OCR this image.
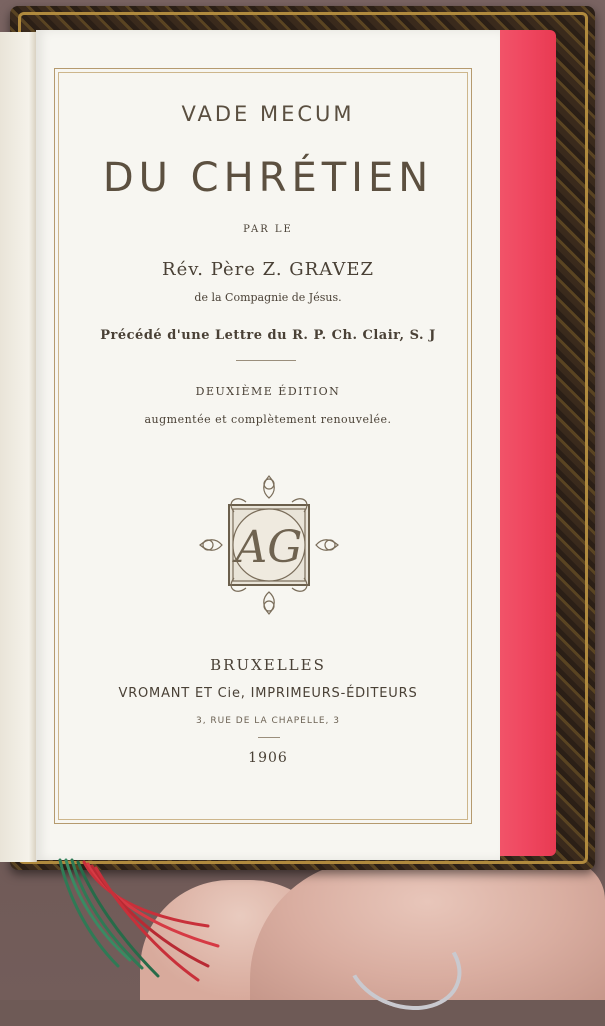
VADE MECUM
DU CHRÉTIEN
PAR LE
Rév. Père Z. GRAVEZ
de la Compagnie de Jésus.
Précédé d'une Lettre du R. P. Ch. Clair, S. J
DEUXIÈME ÉDITION
augmentée et complètement renouvelée.
AG
BRUXELLES
VROMANT ET Cie, IMPRIMEURS-ÉDITEURS
3, RUE DE LA CHAPELLE, 3
1906
